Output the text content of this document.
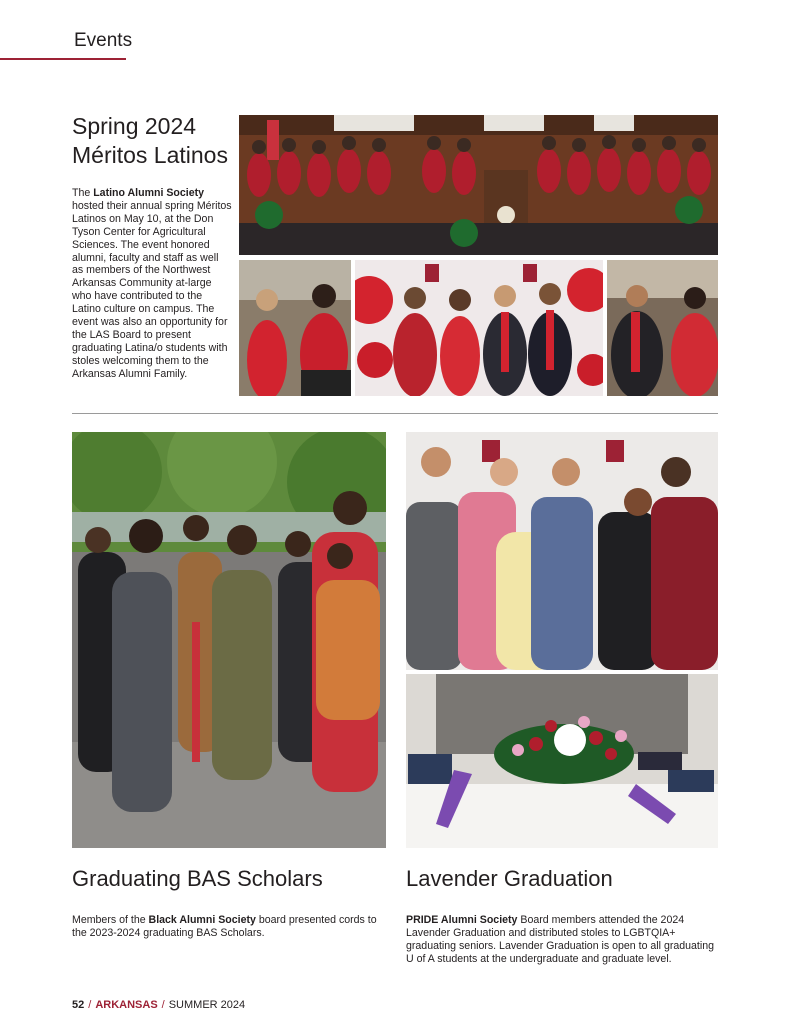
Events
Spring 2024
Méritos Latinos

The Latino Alumni Society hosted their annual spring Méritos Latinos on May 10, at the Don Tyson Center for Agricultural Sciences. The event honored alumni, faculty and staff as well as members of the Northwest Arkansas Community at-large who have contributed to the Latino culture on campus. The event was also an opportunity for the LAS Board to present graduating Latina/o students with stoles welcoming them to the Arkansas Alumni Family.

Graduating BAS Scholars

Members of the Black Alumni Society board presented cords to the 2023-2024 graduating BAS Scholars.

Lavender Graduation

PRIDE Alumni Society Board members attended the 2024 Lavender Graduation and distributed stoles to LGBTQIA+ graduating seniors. Lavender Graduation is open to all graduating U of A students at the undergraduate and graduate level.

52 / ARKANSAS / SUMMER 2024
